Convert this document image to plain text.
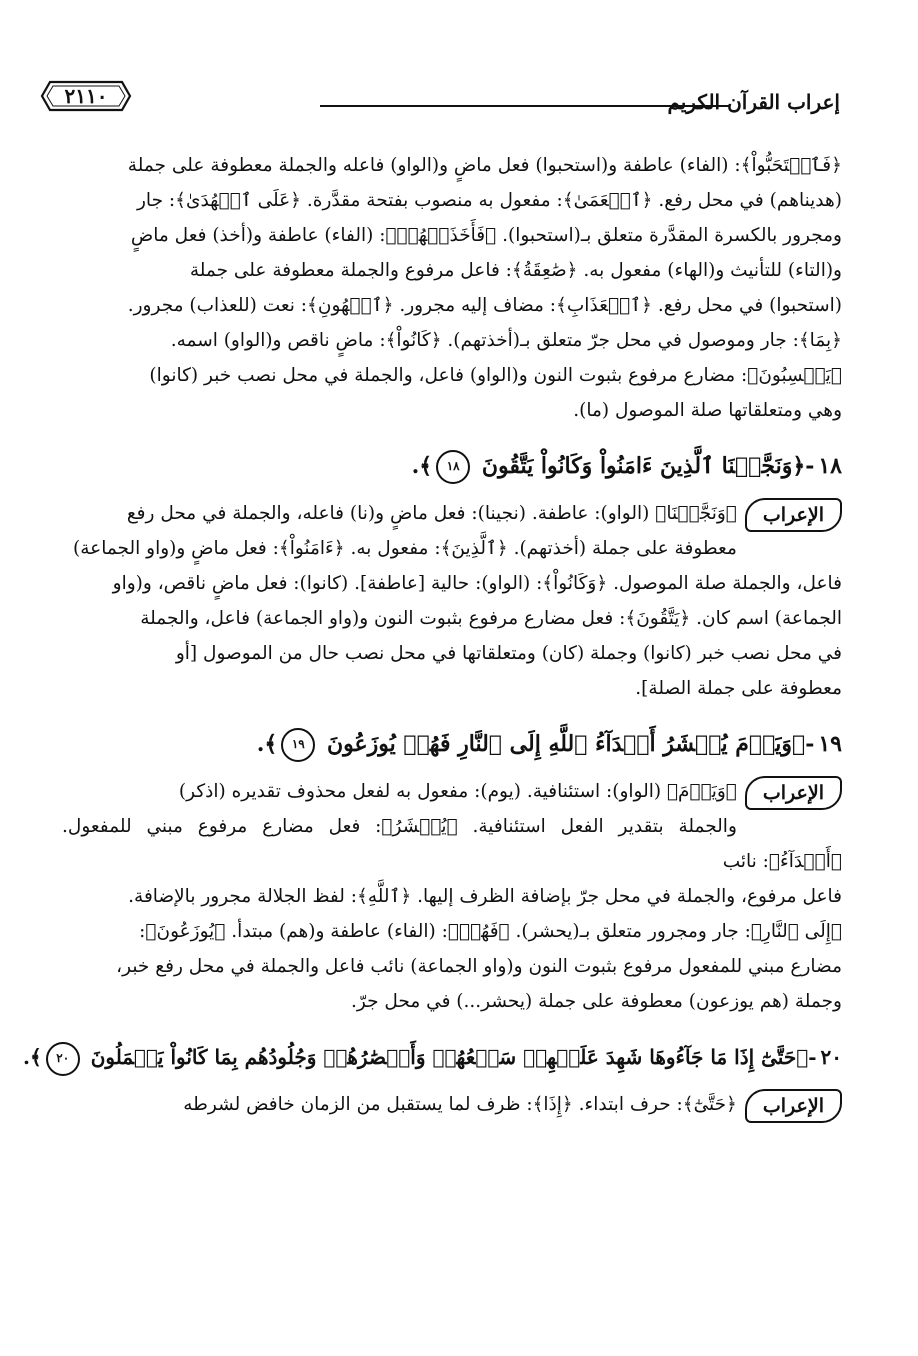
٢١١٠	إعراب القرآن الكريم
﴿فَٱسۡتَحَبُّواْ﴾: (الفاء) عاطفة و(استحبوا) فعل ماضٍ و(الواو) فاعله والجملة معطوفة على جملة
(هديناهم) في محل رفع. ﴿ٱلۡعَمَىٰ﴾: مفعول به منصوب بفتحة مقدَّرة. ﴿عَلَى ٱلۡهُدَىٰ﴾: جار
ومجرور بالكسرة المقدَّرة متعلق بـ(استحبوا). ﴿فَأَخَذَتۡهُمۡ﴾: (الفاء) عاطفة و(أخذ) فعل ماضٍ
و(التاء) للتأنيث و(الهاء) مفعول به. ﴿صَٰعِقَةُ﴾: فاعل مرفوع والجملة معطوفة على جملة
(استحبوا) في محل رفع. ﴿ٱلۡعَذَابِ﴾: مضاف إليه مجرور. ﴿ٱلۡهُونِ﴾: نعت (للعذاب) مجرور.
﴿بِمَا﴾: جار وموصول في محل جرّ متعلق بـ(أخذتهم). ﴿كَانُواْ﴾: ماضٍ ناقص و(الواو) اسمه.
﴿يَكۡسِبُونَ﴾: مضارع مرفوع بثبوت النون و(الواو) فاعل، والجملة في محل نصب خبر (كانوا)
وهي ومتعلقاتها صلة الموصول (ما).
١٨-﴿وَنَجَّيۡنَا ٱلَّذِينَ ءَامَنُواْ وَكَانُواْ يَتَّقُونَ ١٨﴾.
الإعراب
﴿وَنَجَّيۡنَا﴾ (الواو): عاطفة. (نجينا): فعل ماضٍ و(نا) فاعله، والجملة في محل رفع
معطوفة على جملة (أخذتهم). ﴿ٱلَّذِينَ﴾: مفعول به. ﴿ءَامَنُواْ﴾: فعل ماضٍ و(واو الجماعة)
فاعل، والجملة صلة الموصول. ﴿وَكَانُواْ﴾: (الواو): حالية [عاطفة]. (كانوا): فعل ماضٍ ناقص، و(واو
الجماعة) اسم كان. ﴿يَتَّقُونَ﴾: فعل مضارع مرفوع بثبوت النون و(واو الجماعة) فاعل، والجملة
في محل نصب خبر (كانوا) وجملة (كان) ومتعلقاتها في محل نصب حال من الموصول [أو
معطوفة على جملة الصلة].
١٩-﴿وَيَوۡمَ يُحۡشَرُ أَعۡدَآءُ ٱللَّهِ إِلَى ٱلنَّارِ فَهُمۡ يُوزَعُونَ ١٩﴾.
الإعراب
﴿وَيَوۡمَ﴾ (الواو): استئنافية. (يوم): مفعول به لفعل محذوف تقديره (اذكر)
والجملة بتقدير الفعل استئنافية. ﴿يُحۡشَرُ﴾: فعل مضارع مرفوع مبني للمفعول. ﴿أَعۡدَآءُ﴾: نائب
فاعل مرفوع، والجملة في محل جرّ بإضافة الظرف إليها. ﴿ٱللَّهِ﴾: لفظ الجلالة مجرور بالإضافة.
﴿إِلَى ٱلنَّارِ﴾: جار ومجرور متعلق بـ(يحشر). ﴿فَهُمۡ﴾: (الفاء) عاطفة و(هم) مبتدأ. ﴿يُوزَعُونَ﴾:
مضارع مبني للمفعول مرفوع بثبوت النون و(واو الجماعة) نائب فاعل والجملة في محل رفع خبر،
وجملة (هم يوزعون) معطوفة على جملة (يحشر...) في محل جرّ.
٢٠-﴿حَتَّىٰٓ إِذَا مَا جَآءُوهَا شَهِدَ عَلَيۡهِمۡ سَمۡعُهُمۡ وَأَبۡصَٰرُهُمۡ وَجُلُودُهُم بِمَا كَانُواْ يَعۡمَلُونَ ٢٠﴾.
الإعراب
﴿حَتَّىٰٓ﴾: حرف ابتداء. ﴿إِذَا﴾: ظرف لما يستقبل من الزمان خافض لشرطه
